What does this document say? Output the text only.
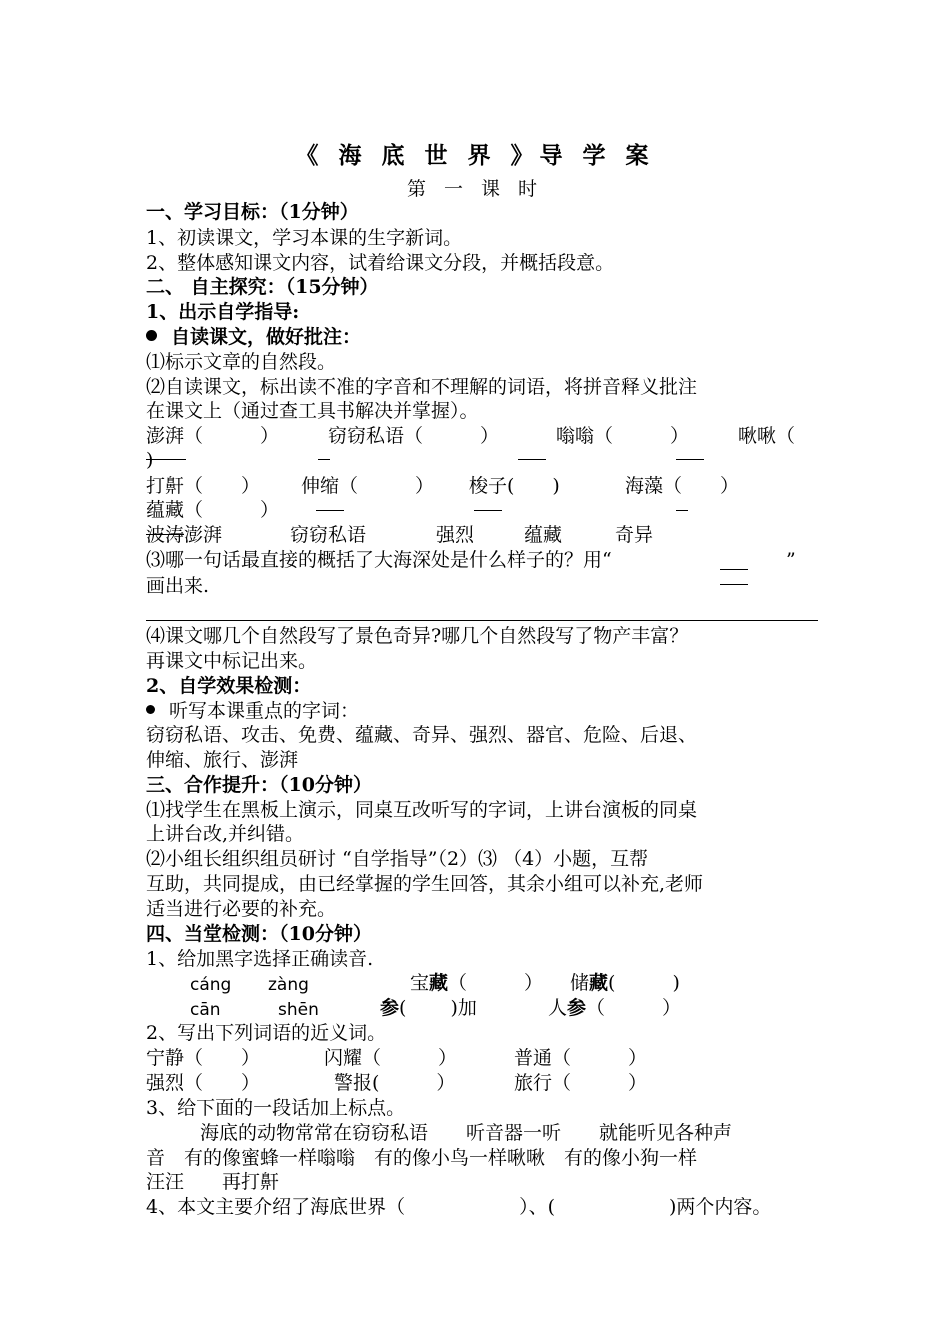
《 海 底 世 界 》导 学 案
第 一 课 时
一、学习目标：（1分钟）
1、初读课文，学习本课的生字新词。
2、整体感知课文内容，试着给课文分段，并概括段意。
二、 自主探究：（15分钟）
1、出示自学指导:
自读课文，做好批注：
⑴标示文章的自然段。
⑵自读课文，标出读不准的字音和不理解的词语，将拼音释义批注
在课文上（通过查工具书解决并掌握）。
澎湃（　　　）	窃窃私语（　　　）	嗡嗡（　　　）	啾啾（
)
打鼾（　　） 伸缩（　　　） 梭子(　　)	海藻（　　）
蕴藏（　　　）
波涛 澎湃	窃窃私语	强烈	蕴藏	奇异
⑶哪一句话最直接的概括了大海深处是什么样子的？用“	”
画出来.
⑷课文哪几个自然段写了景色奇异?哪几个自然段写了物产丰富？
再课文中标记出来。
2、自学效果检测：
听写本课重点的字词：
窃窃私语、攻击、免费、蕴藏、奇异、强烈、器官、危险、后退、
伸缩、旅行、澎湃
三、合作提升：（10分钟）
⑴找学生在黑板上演示，同桌互改听写的字词，上讲台演板的同桌
上讲台改,并纠错。
⑵小组长组织组员研讨 “自学指导”（2）⑶ （4）小题，互帮
互助，共同提成，由已经掌握的学生回答，其余小组可以补充,老师
适当进行必要的补充。
四、当堂检测：（10分钟）
1、给加黑字选择正确读音.
cáng zàng	宝藏（　　　） 储藏(　　　)
cān	shēn	参(　　 )加	人参（　　　）
2、写出下列词语的近义词。
宁静（　　）	闪耀（　　　）	普通（　　　）
强烈（　　）	警报(　　　）	旅行（　　　）
3、给下面的一段话加上标点。
海底的动物常常在窃窃私语　　听音器一听　　就能听见各种声
音　有的像蜜蜂一样嗡嗡　有的像小鸟一样啾啾　有的像小狗一样
汪汪　　再打鼾
4、本文主要介绍了海底世界（　　　　　　）、(　　　　　　)两个内容。
